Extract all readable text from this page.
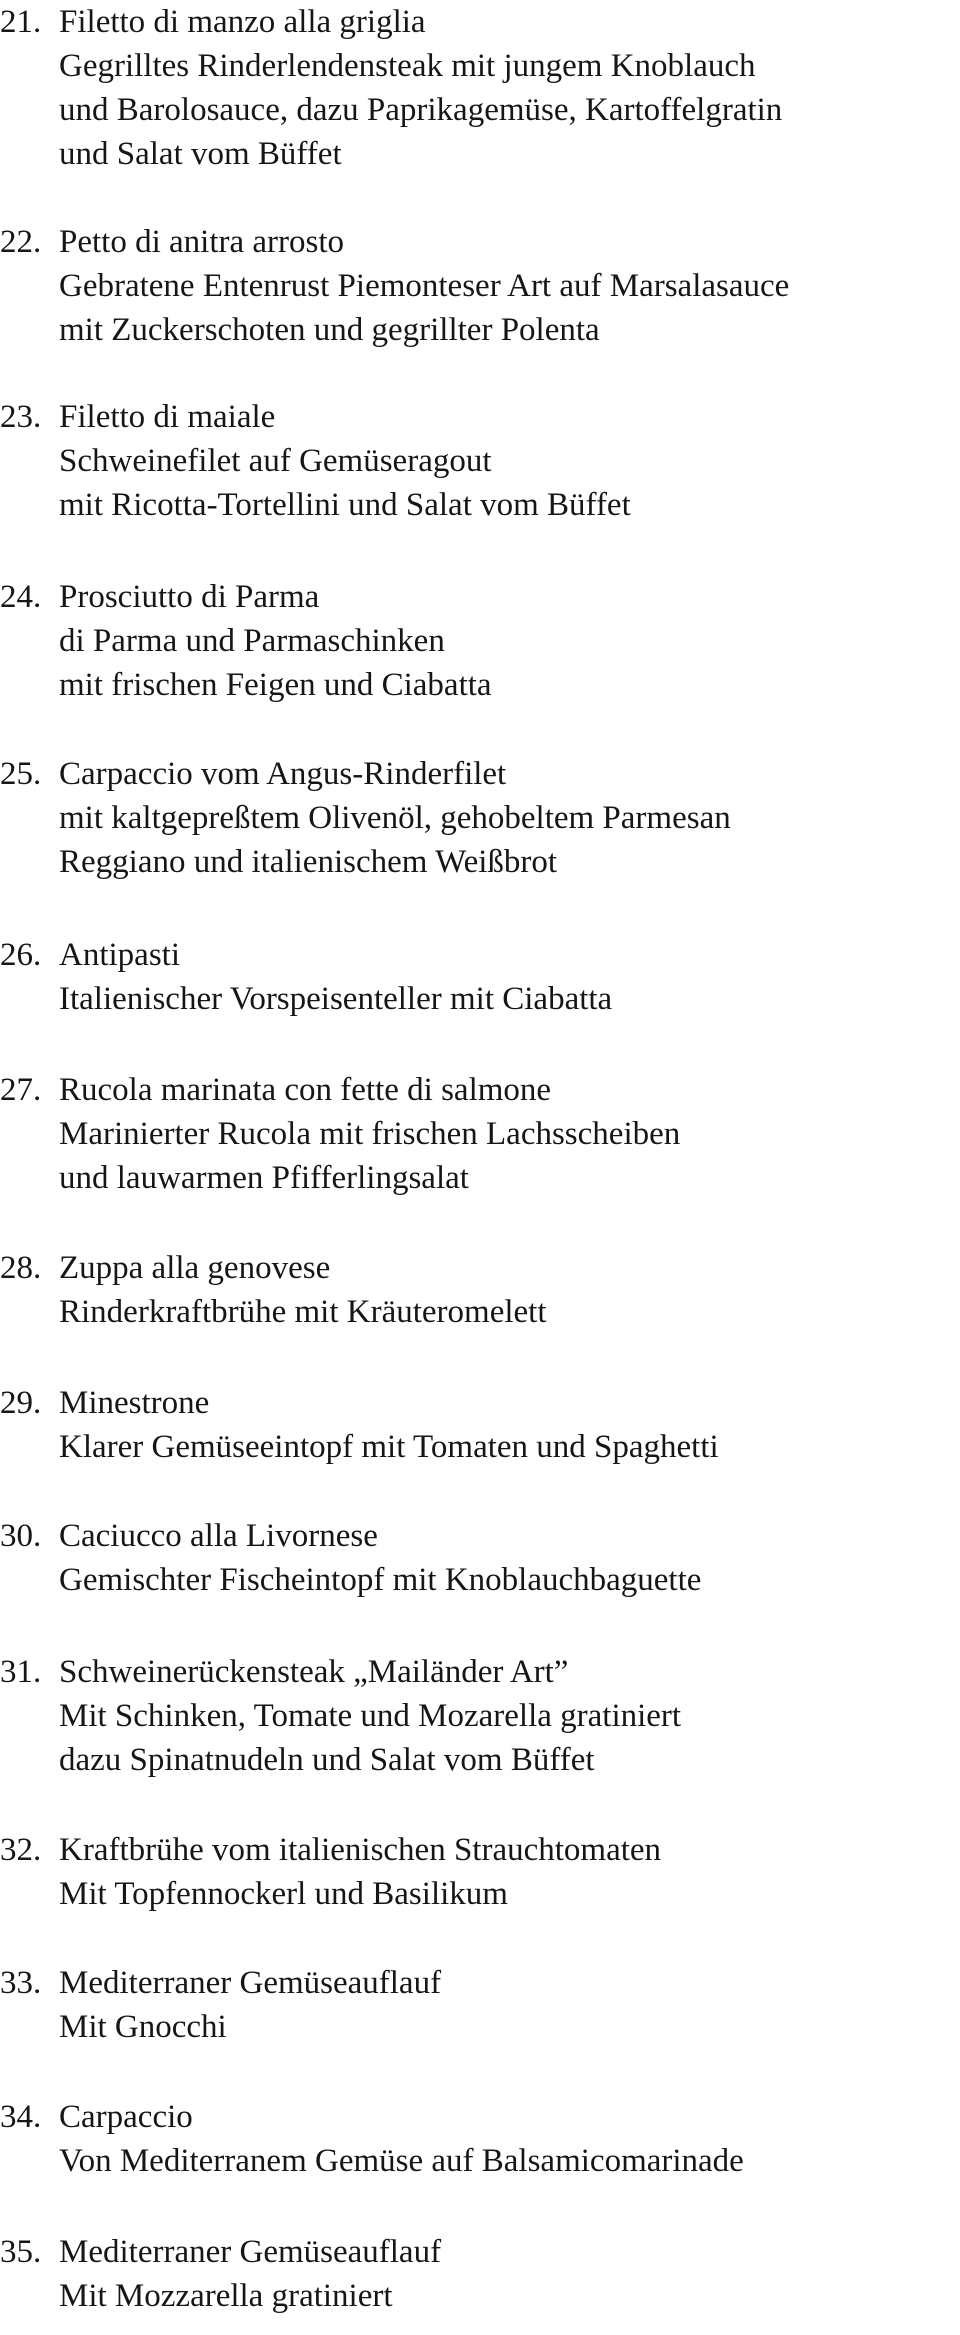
21. Filetto di manzo alla griglia
Gegrilltes Rinderlendensteak mit jungem Knoblauch
und Barolosauce, dazu Paprikagemüse, Kartoffelgratin
und Salat vom Büffet
22. Petto di anitra arrosto
Gebratene Entenrust Piemonteser Art auf Marsalasauce
mit Zuckerschoten und gegrillter Polenta
23. Filetto di maiale
Schweinefilet auf Gemüseragout
mit Ricotta-Tortellini und Salat vom Büffet
24. Prosciutto di Parma
di Parma und Parmaschinken
mit frischen Feigen und Ciabatta
25. Carpaccio vom Angus-Rinderfilet
mit kaltgepreßtem Olivenöl, gehobeltem Parmesan
Reggiano und italienischem Weißbrot
26. Antipasti
Italienischer Vorspeisenteller mit Ciabatta
27. Rucola marinata con fette di salmone
Marinierter Rucola mit frischen Lachsscheiben
und lauwarmen Pfifferlingsalat
28. Zuppa alla genovese
Rinderkraftbrühe mit Kräuteromelett
29. Minestrone
Klarer Gemüseeintopf mit Tomaten und Spaghetti
30. Caciucco alla Livornese
Gemischter Fischeintopf mit Knoblauchbaguette
31. Schweinerückensteak „Mailänder Art”
Mit Schinken, Tomate und Mozarella gratiniert
dazu Spinatnudeln und Salat vom Büffet
32. Kraftbrühe vom italienischen Strauchtomaten
Mit Topfennockerl und Basilikum
33. Mediterraner Gemüseauflauf
Mit Gnocchi
34. Carpaccio
Von Mediterranem Gemüse auf Balsamicomarinade
35. Mediterraner Gemüseauflauf
Mit Mozzarella gratiniert
